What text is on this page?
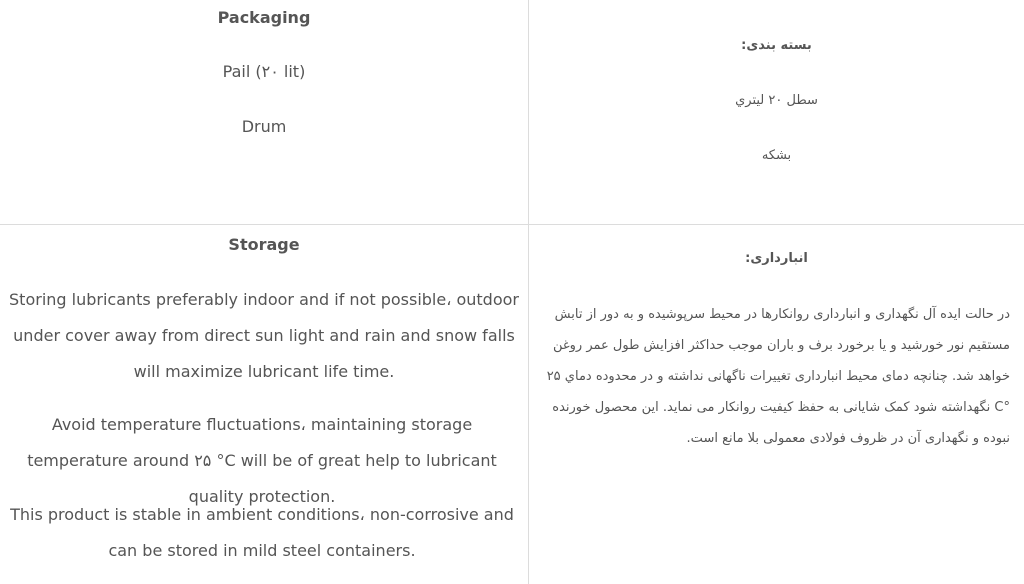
Packaging

Pail (۲۰ lit)

Drum

بسته بندی:

سطل ۲۰ ليتري

بشکه

Storage

Storing lubricants preferably indoor and if not possible، outdoor under cover away from direct sun light and rain and snow falls will maximize lubricant life time.

Avoid temperature fluctuations، maintaining storage temperature around ۲۵ °C will be of great help to lubricant quality protection.

This product is stable in ambient conditions، non-corrosive and can be stored in mild steel containers.

انبارداری:

در حالت ايده آل نگهداری و انبارداری روانکارها در محيط سرپوشيده و به دور از تابش مستقيم نور خورشيد و يا برخورد برف و باران موجب حداکثر افزايش طول عمر روغن خواهد شد. چنانچه دمای محيط انبارداری تغييرات ناگهانی نداشته و در محدوده دماي ۲۵ °C نگهداشته شود کمک شايانی به حفظ کيفيت روانکار می نمايد. اين محصول خورنده نبوده و نگهداری آن در ظروف فولادی معمولی بلا مانع است.
